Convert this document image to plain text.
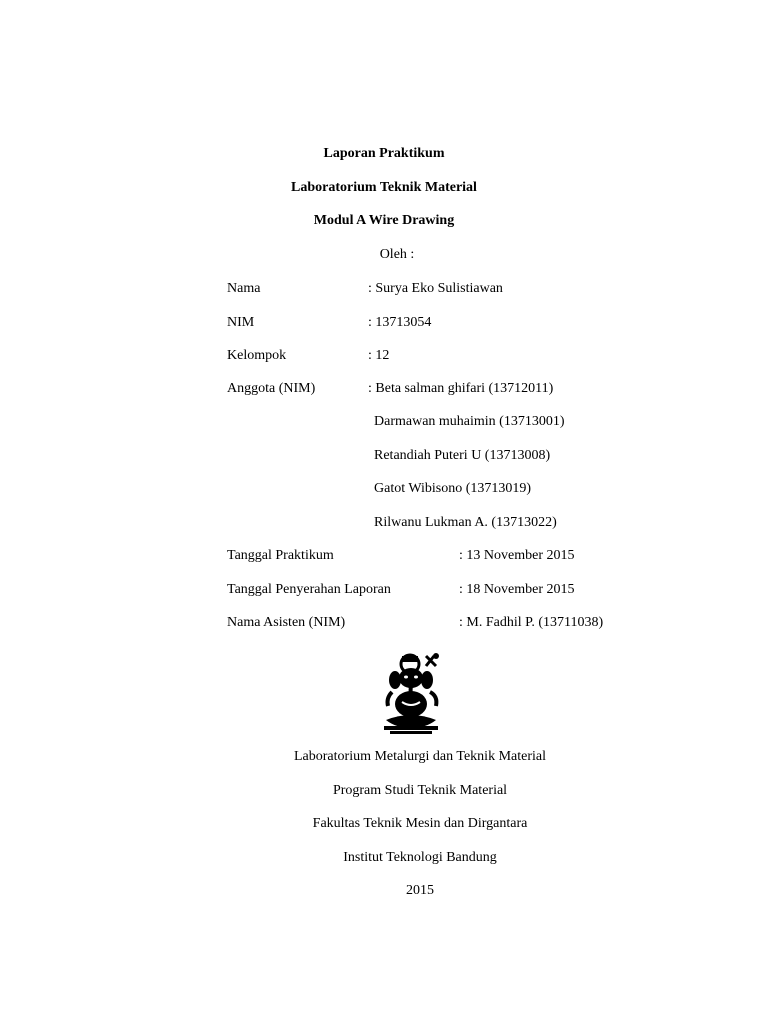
Laporan Praktikum
Laboratorium Teknik Material
Modul A Wire Drawing
Oleh :
Nama	: Surya Eko Sulistiawan
NIM	: 13713054
Kelompok	: 12
Anggota (NIM)	: Beta salman ghifari (13712011)
Darmawan muhaimin (13713001)
Retandiah Puteri U (13713008)
Gatot Wibisono (13713019)
Rilwanu Lukman A. (13713022)
Tanggal Praktikum	: 13 November 2015
Tanggal Penyerahan Laporan	: 18 November 2015
Nama Asisten (NIM)	: M. Fadhil P. (13711038)
Laboratorium Metalurgi dan Teknik Material
Program Studi Teknik Material
Fakultas Teknik Mesin dan Dirgantara
Institut Teknologi Bandung
2015
